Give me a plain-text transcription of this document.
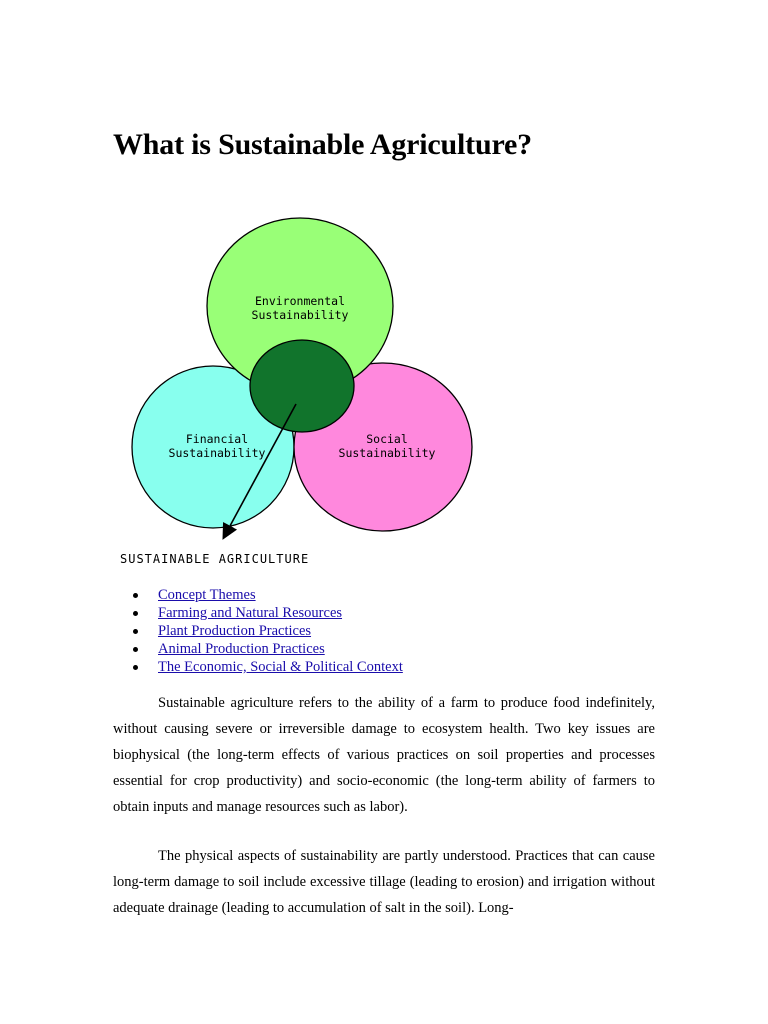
What is Sustainable Agriculture?
Environmental
Sustainability
Financial
Sustainability
Social
Sustainability
SUSTAINABLE AGRICULTURE
Concept Themes
Farming and Natural Resources
Plant Production Practices
Animal Production Practices
The Economic, Social & Political Context

Sustainable agriculture refers to the ability of a farm to produce food indefinitely, without causing severe or irreversible damage to ecosystem health. Two key issues are biophysical (the long-term effects of various practices on soil properties and processes essential for crop productivity) and socio-economic (the long-term ability of farmers to obtain inputs and manage resources such as labor).

The physical aspects of sustainability are partly understood. Practices that can cause long-term damage to soil include excessive tillage (leading to erosion) and irrigation without adequate drainage (leading to accumulation of salt in the soil). Long-
